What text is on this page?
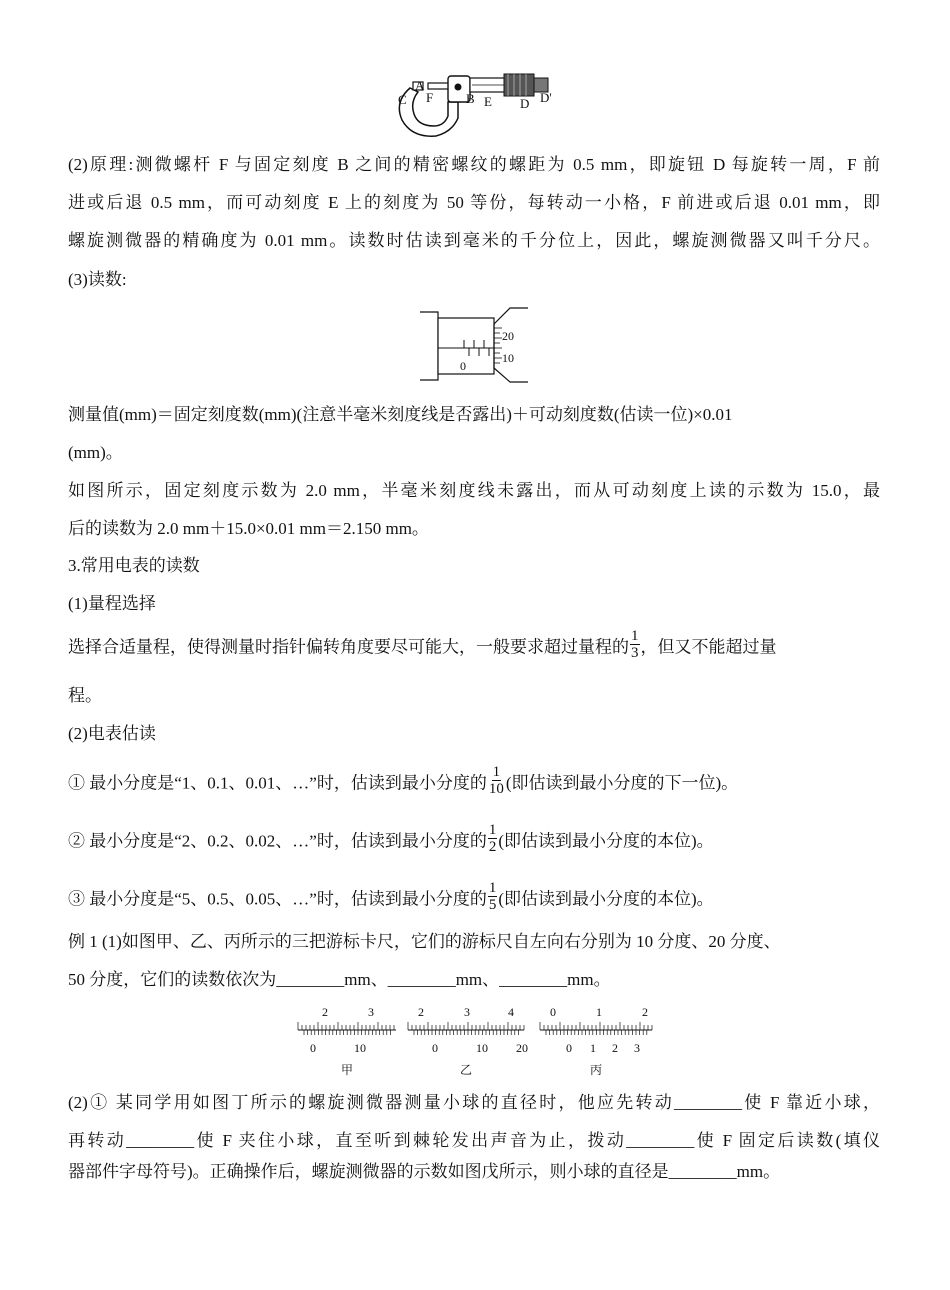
C
A
F	B E D D'
(2)原理:测微螺杆 F 与固定刻度 B 之间的精密螺纹的螺距为 0.5 mm，即旋钮 D 每旋转一周，F 前
进或后退 0.5 mm，而可动刻度 E 上的刻度为 50 等份，每转动一小格，F 前进或后退 0.01 mm，即
螺旋测微器的精确度为 0.01 mm。读数时估读到毫米的千分位上，因此，螺旋测微器又叫千分尺。
(3)读数:
0
20
10
测量值(mm)＝固定刻度数(mm)(注意半毫米刻度线是否露出)＋可动刻度数(估读一位)×0.01
(mm)。
如图所示，固定刻度示数为 2.0 mm，半毫米刻度线未露出，而从可动刻度上读的示数为 15.0，最
后的读数为 2.0 mm＋15.0×0.01 mm＝2.150 mm。
3.常用电表的读数
(1)量程选择
选择合适量程，使得测量时指针偏转角度要尽可能大，一般要求超过量程的 $\frac{1}{3}$ ，但又不能超过量
程。
(2)电表估读
① 最小分度是“1、0.1、0.01、…”时，估读到最小分度的 $\frac{1}{10}$ (即估读到最小分度的下一位)。
② 最小分度是“2、0.2、0.02、…”时，估读到最小分度的 $\frac{1}{2}$ (即估读到最小分度的本位)。
③ 最小分度是“5、0.5、0.05、…”时，估读到最小分度的 $\frac{1}{5}$ (即估读到最小分度的本位)。
例 1 (1)如图甲、乙、丙所示的三把游标卡尺，它们的游标尺自左向右分别为 10 分度、20 分度、
50 分度，它们的读数依次为________mm、________mm、________mm。
2	3
0	10
甲
2	3	4
0	10 20
乙
0	1	2
0 1 2 3
丙
(2)① 某同学用如图丁所示的螺旋测微器测量小球的直径时，他应先转动________使 F 靠近小球，
再转动________使 F 夹住小球，直至听到棘轮发出声音为止，拨动________使 F 固定后读数(填仪
器部件字母符号)。正确操作后，螺旋测微器的示数如图戊所示，则小球的直径是________mm。
